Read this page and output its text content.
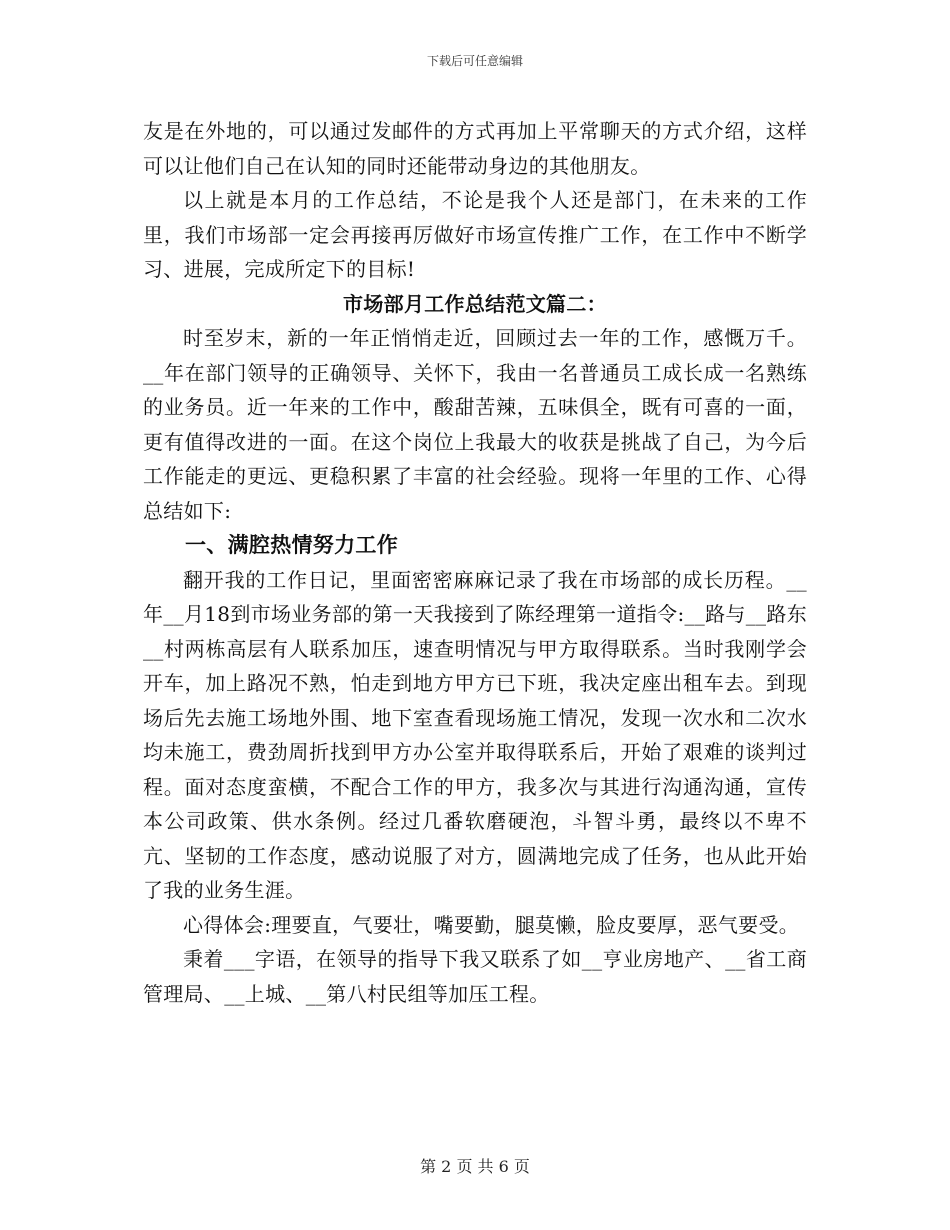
下载后可任意编辑

友是在外地的，可以通过发邮件的方式再加上平常聊天的方式介绍，这样可以让他们自己在认知的同时还能带动身边的其他朋友。

以上就是本月的工作总结，不论是我个人还是部门，在未来的工作里，我们市场部一定会再接再厉做好市场宣传推广工作，在工作中不断学习、进展，完成所定下的目标!

市场部月工作总结范文篇二：

时至岁末，新的一年正悄悄走近，回顾过去一年的工作，感慨万千。__年在部门领导的正确领导、关怀下，我由一名普通员工成长成一名熟练的业务员。近一年来的工作中，酸甜苦辣，五味俱全，既有可喜的一面，更有值得改进的一面。在这个岗位上我最大的收获是挑战了自己，为今后工作能走的更远、更稳积累了丰富的社会经验。现将一年里的工作、心得总结如下:

一、满腔热情努力工作

翻开我的工作日记，里面密密麻麻记录了我在市场部的成长历程。__年__月18到市场业务部的第一天我接到了陈经理第一道指令:__路与__路东__村两栋高层有人联系加压，速查明情况与甲方取得联系。当时我刚学会开车，加上路况不熟，怕走到地方甲方已下班，我决定座出租车去。到现场后先去施工场地外围、地下室查看现场施工情况，发现一次水和二次水均未施工，费劲周折找到甲方办公室并取得联系后，开始了艰难的谈判过程。面对态度蛮横，不配合工作的甲方，我多次与其进行沟通沟通，宣传本公司政策、供水条例。经过几番软磨硬泡，斗智斗勇，最终以不卑不亢、坚韧的工作态度，感动说服了对方，圆满地完成了任务，也从此开始了我的业务生涯。

心得体会:理要直，气要壮，嘴要勤，腿莫懒，脸皮要厚，恶气要受。

秉着___字语，在领导的指导下我又联系了如__亨业房地产、__省工商管理局、__上城、__第八村民组等加压工程。

第 2 页 共 6 页
